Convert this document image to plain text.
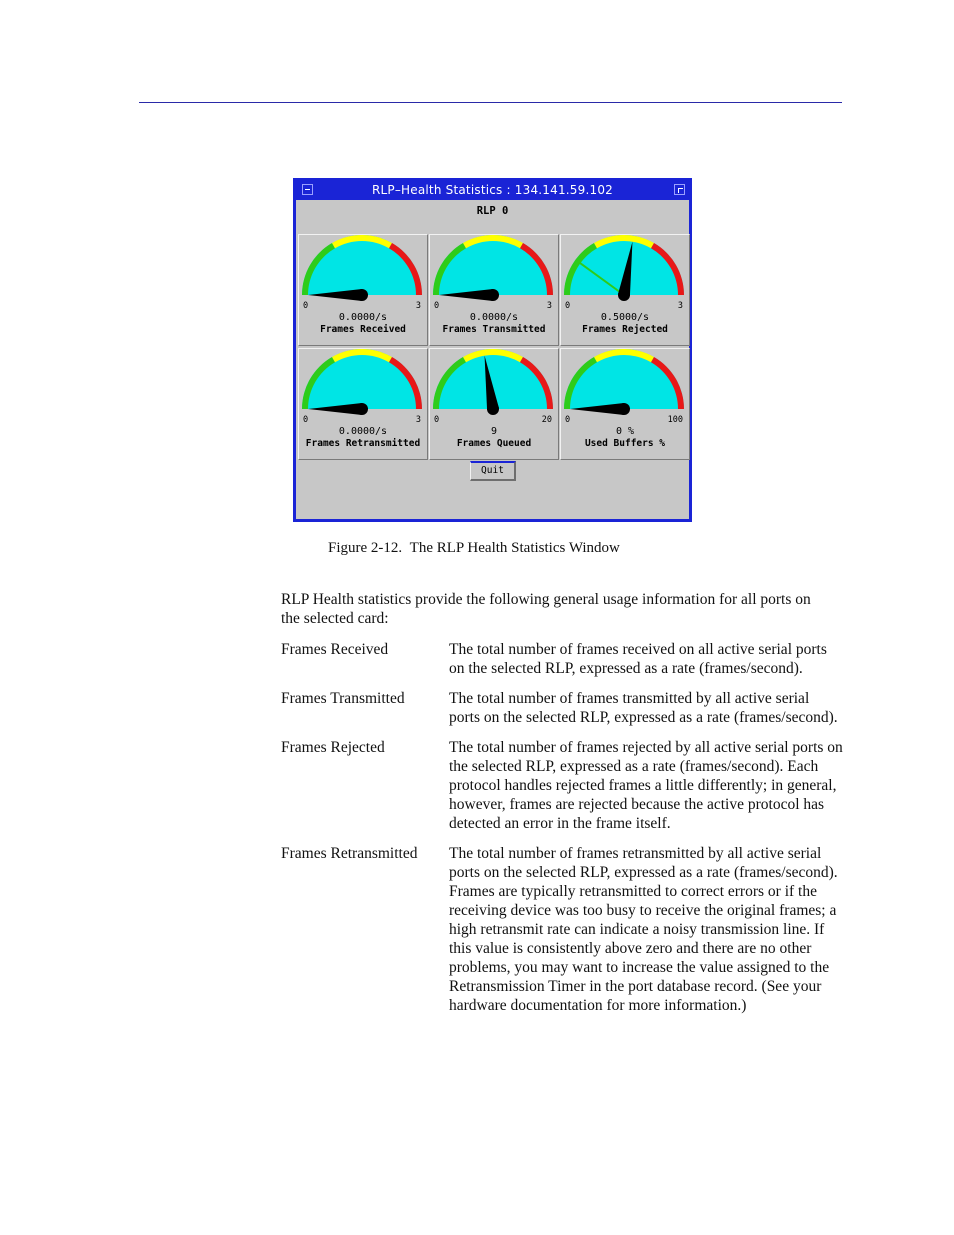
RLP–Health Statistics : 134.141.59.102
RLP 0
0	3
0.0000/s
Frames Received
0	3
0.0000/s
Frames Transmitted
0	3
0.5000/s
Frames Rejected
0	3
0.0000/s
Frames Retransmitted
0	20
9
Frames Queued
0	100
0 %
Used Buffers %
Quit
Figure 2-12.  The RLP Health Statistics Window
RLP Health statistics provide the following general usage information for all ports on the selected card:
Frames Received	The total number of frames received on all active serial ports on the selected RLP, expressed as a rate (frames/second).
Frames Transmitted	The total number of frames transmitted by all active serial ports on the selected RLP, expressed as a rate (frames/second).
Frames Rejected	The total number of frames rejected by all active serial ports on the selected RLP, expressed as a rate (frames/second). Each protocol handles rejected frames a little differently; in general, however, frames are rejected because the active protocol has detected an error in the frame itself.
Frames Retransmitted	The total number of frames retransmitted by all active serial ports on the selected RLP, expressed as a rate (frames/second). Frames are typically retransmitted to correct errors or if the receiving device was too busy to receive the original frames; a high retransmit rate can indicate a noisy transmission line. If this value is consistently above zero and there are no other problems, you may want to increase the value assigned to the Retransmission Timer in the port database record. (See your hardware documentation for more information.)
